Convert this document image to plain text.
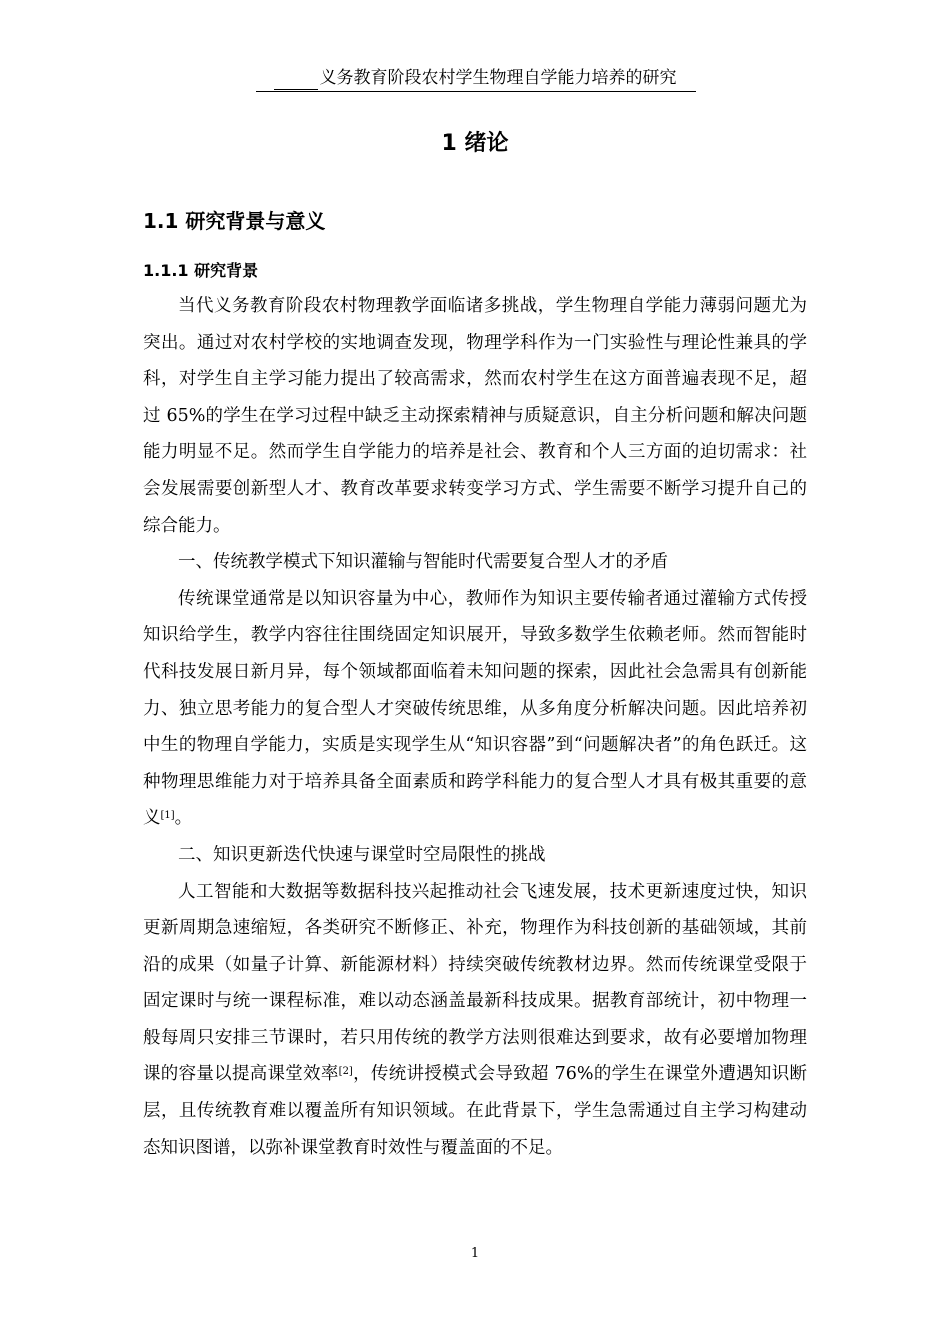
义务教育阶段农村学生物理自学能力培养的研究
1 绪论
1.1 研究背景与意义
1.1.1 研究背景

当代义务教育阶段农村物理教学面临诸多挑战，学生物理自学能力薄弱问题尤为突出。通过对农村学校的实地调查发现，物理学科作为一门实验性与理论性兼具的学科，对学生自主学习能力提出了较高需求，然而农村学生在这方面普遍表现不足，超过 65%的学生在学习过程中缺乏主动探索精神与质疑意识，自主分析问题和解决问题能力明显不足。然而学生自学能力的培养是社会、教育和个人三方面的迫切需求：社会发展需要创新型人才、教育改革要求转变学习方式、学生需要不断学习提升自己的综合能力。

一、传统教学模式下知识灌输与智能时代需要复合型人才的矛盾

传统课堂通常是以知识容量为中心，教师作为知识主要传输者通过灌输方式传授知识给学生，教学内容往往围绕固定知识展开，导致多数学生依赖老师。然而智能时代科技发展日新月异，每个领域都面临着未知问题的探索，因此社会急需具有创新能力、独立思考能力的复合型人才突破传统思维，从多角度分析解决问题。因此培养初中生的物理自学能力，实质是实现学生从“知识容器”到“问题解决者”的角色跃迁。这种物理思维能力对于培养具备全面素质和跨学科能力的复合型人才具有极其重要的意义[1]。

二、知识更新迭代快速与课堂时空局限性的挑战

人工智能和大数据等数据科技兴起推动社会飞速发展，技术更新速度过快，知识更新周期急速缩短，各类研究不断修正、补充，物理作为科技创新的基础领域，其前沿的成果（如量子计算、新能源材料）持续突破传统教材边界。然而传统课堂受限于固定课时与统一课程标准，难以动态涵盖最新科技成果。据教育部统计，初中物理一般每周只安排三节课时，若只用传统的教学方法则很难达到要求，故有必要增加物理课的容量以提高课堂效率[2]，传统讲授模式会导致超 76%的学生在课堂外遭遇知识断层，且传统教育难以覆盖所有知识领域。在此背景下，学生急需通过自主学习构建动态知识图谱，以弥补课堂教育时效性与覆盖面的不足。

1
